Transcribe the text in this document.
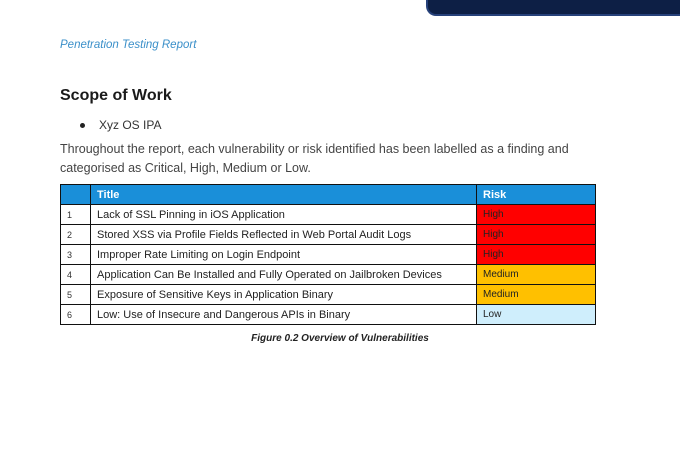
Penetration Testing Report
Scope of Work
Xyz OS IPA
Throughout the report, each vulnerability or risk identified has been labelled as a finding and categorised as Critical, High, Medium or Low.
	Title	Risk
1	Lack of SSL Pinning in iOS Application	High
2	Stored XSS via Profile Fields Reflected in Web Portal Audit Logs	High
3	Improper Rate Limiting on Login Endpoint	High
4	Application Can Be Installed and Fully Operated on Jailbroken Devices	Medium
5	Exposure of Sensitive Keys in Application Binary	Medium
6	Low: Use of Insecure and Dangerous APIs in Binary	Low
Figure 0.2 Overview of Vulnerabilities
